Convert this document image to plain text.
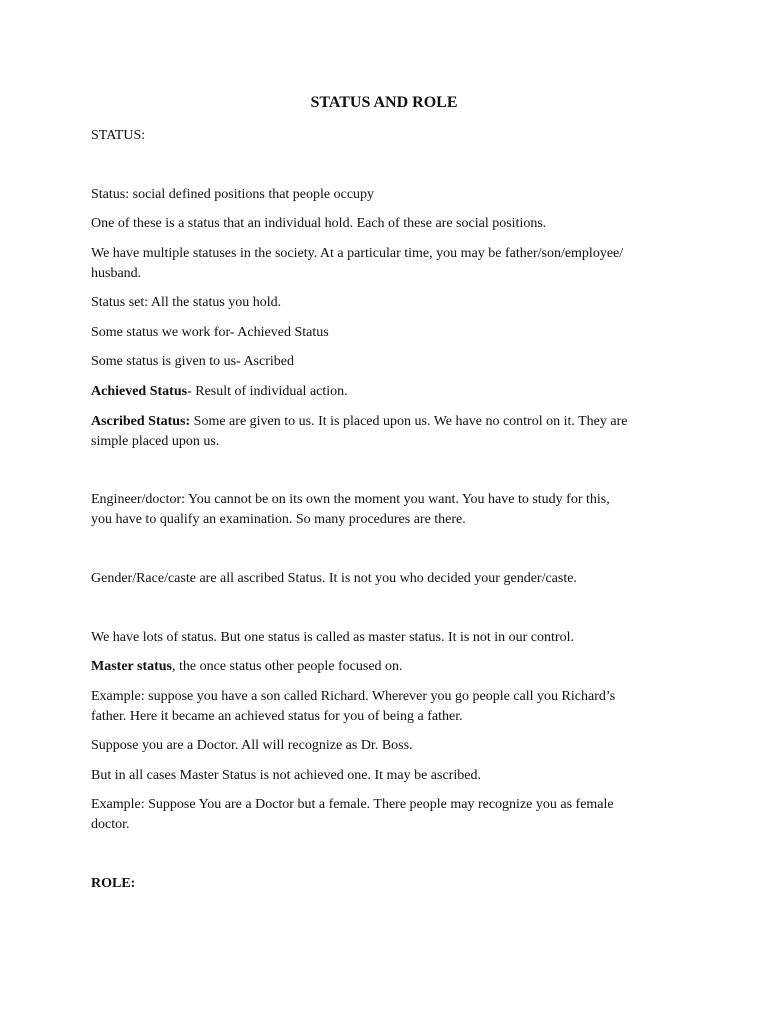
STATUS AND ROLE

STATUS:

Status: social defined positions that people occupy

One of these is a status that an individual hold. Each of these are social positions.

We have multiple statuses in the society. At a particular time, you may be father/son/employee/
husband.

Status set: All the status you hold.

Some status we work for- Achieved Status

Some status is given to us- Ascribed

Achieved Status- Result of individual action.

Ascribed Status: Some are given to us. It is placed upon us. We have no control on it. They are
simple placed upon us.
Engineer/doctor: You cannot be on its own the moment you want. You have to study for this,
you have to qualify an examination. So many procedures are there.

Gender/Race/caste are all ascribed Status. It is not you who decided your gender/caste.

We have lots of status. But one status is called as master status. It is not in our control.

Master status, the once status other people focused on.

Example: suppose you have a son called Richard. Wherever you go people call you Richard’s
father. Here it became an achieved status for you of being a father.

Suppose you are a Doctor. All will recognize as Dr. Boss.

But in all cases Master Status is not achieved one. It may be ascribed.

Example: Suppose You are a Doctor but a female. There people may recognize you as female
doctor.

ROLE:
